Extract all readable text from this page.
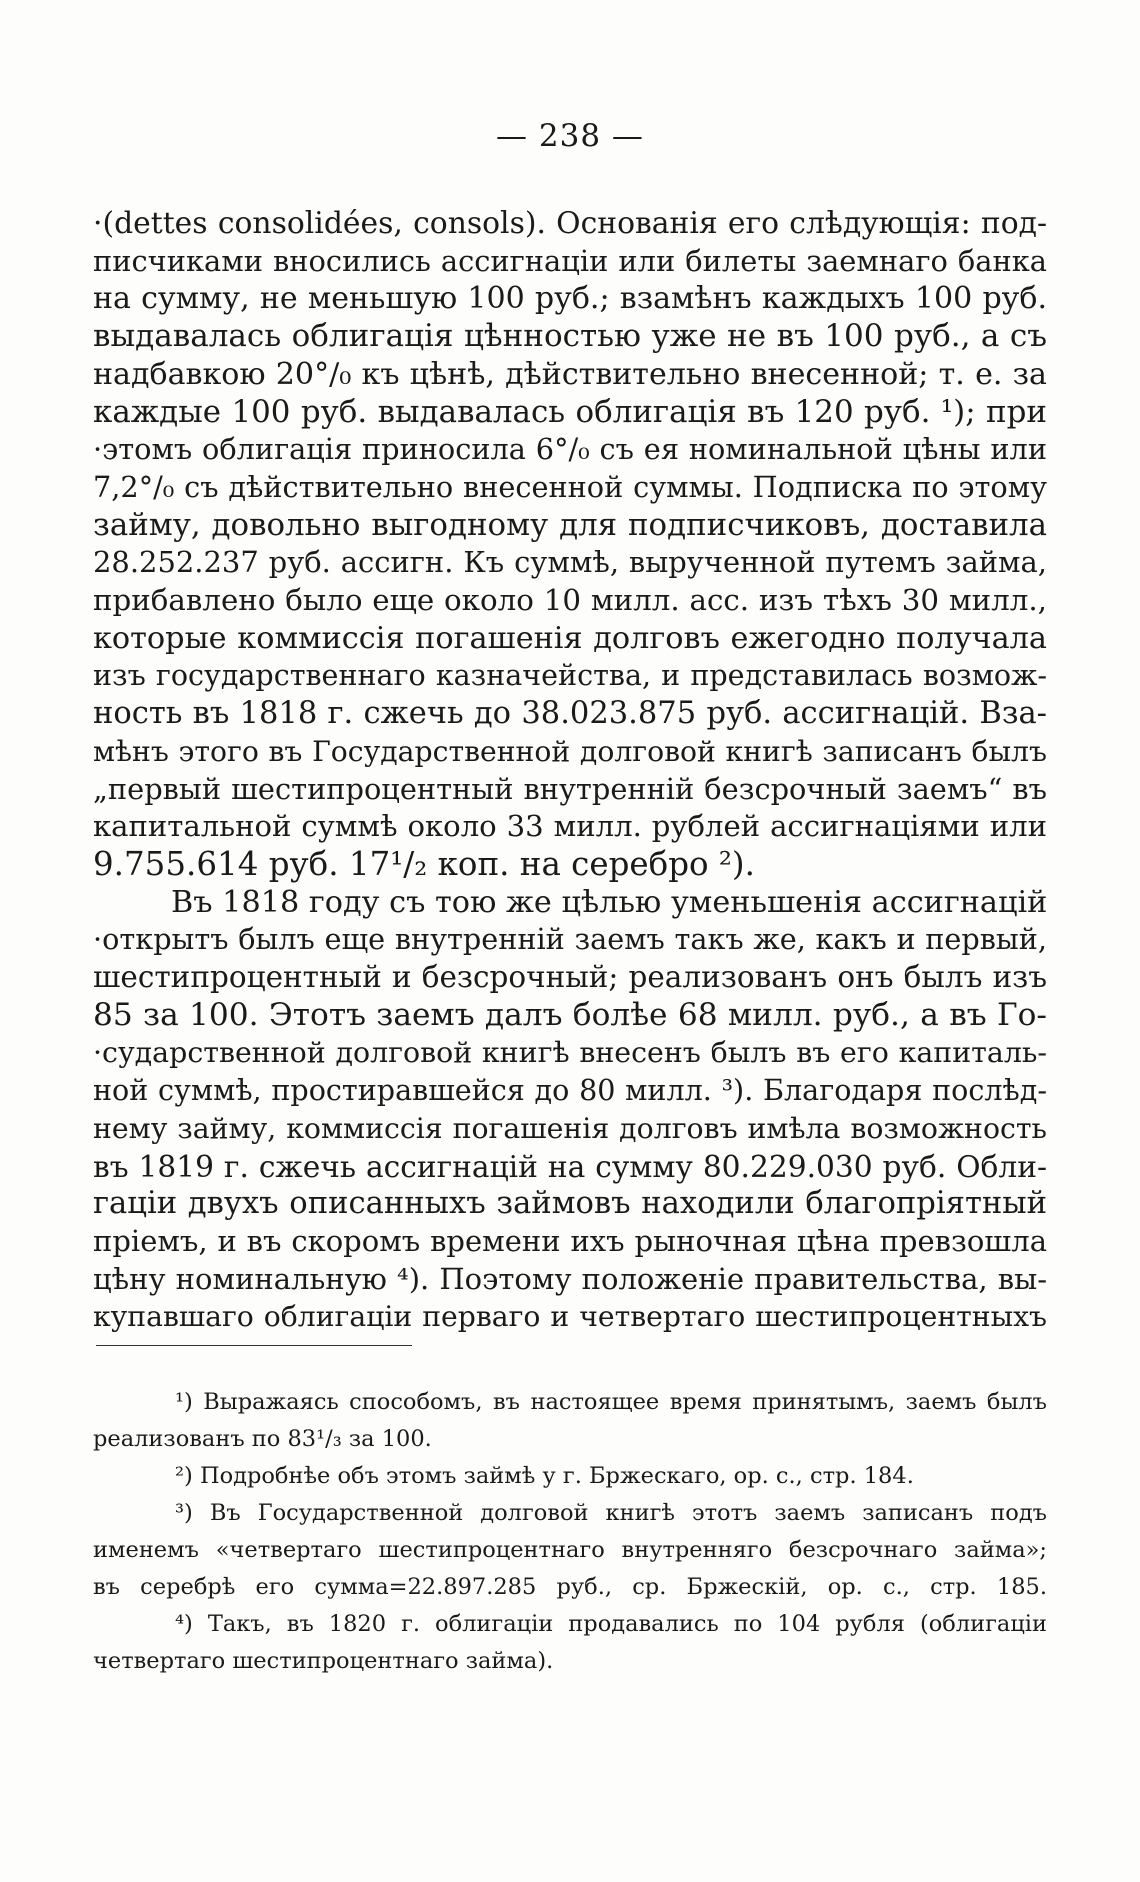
— 238 —
·(dettes consolidées, consols). Основанія его слѣдующія: под-
писчиками вносились ассигнаціи или билеты заемнаго банка
на сумму, не меньшую 100 руб.; взамѣнъ каждыхъ 100 руб.
выдавалась облигація цѣнностью уже не въ 100 руб., а съ
надбавкою 20°/₀ къ цѣнѣ, дѣйствительно внесенной; т. е. за
каждые 100 руб. выдавалась облигація въ 120 руб. ¹); при
·этомъ облигація приносила 6°/₀ съ ея номинальной цѣны или
7,2°/₀ съ дѣйствительно внесенной суммы. Подписка по этому
займу, довольно выгодному для подписчиковъ, доставила
28.252.237 руб. ассигн. Къ суммѣ, вырученной путемъ займа,
прибавлено было еще около 10 милл. асс. изъ тѣхъ 30 милл.,
которые коммиссія погашенія долговъ ежегодно получала
изъ государственнаго казначейства, и представилась возмож-
ность въ 1818 г. сжечь до 38.023.875 руб. ассигнацій. Вза-
мѣнъ этого въ Государственной долговой книгѣ записанъ былъ
„первый шестипроцентный внутренній безсрочный заемъ“ въ
капитальной суммѣ около 33 милл. рублей ассигнаціями или
9.755.614 руб. 17¹/₂ коп. на серебро ²).
Въ 1818 году съ тою же цѣлью уменьшенія ассигнацій
·открытъ былъ еще внутренній заемъ такъ же, какъ и первый,
шестипроцентный и безсрочный; реализованъ онъ былъ изъ
85 за 100. Этотъ заемъ далъ болѣе 68 милл. руб., а въ Го-
·сударственной долговой книгѣ внесенъ былъ въ его капиталь-
ной суммѣ, простиравшейся до 80 милл. ³). Благодаря послѣд-
нему займу, коммиссія погашенія долговъ имѣла возможность
въ 1819 г. сжечь ассигнацій на сумму 80.229.030 руб. Обли-
гаціи двухъ описанныхъ займовъ находили благопріятный
пріемъ, и въ скоромъ времени ихъ рыночная цѣна превзошла
цѣну номинальную ⁴). Поэтому положеніе правительства, вы-
купавшаго облигаціи перваго и четвертаго шестипроцентныхъ
¹) Выражаясь способомъ, въ настоящее время принятымъ, заемъ былъ
реализованъ по 83¹/₃ за 100.
²) Подробнѣе объ этомъ займѣ у г. Бржескаго, op. c., стр. 184.
³) Въ Государственной долговой книгѣ этотъ заемъ записанъ подъ
именемъ «четвертаго шестипроцентнаго внутренняго безсрочнаго займа»;
въ серебрѣ его сумма=22.897.285 руб., ср. Бржескій, op. c., стр. 185.
⁴) Такъ, въ 1820 г. облигаціи продавались по 104 рубля (облигаціи
четвертаго шестипроцентнаго займа).
